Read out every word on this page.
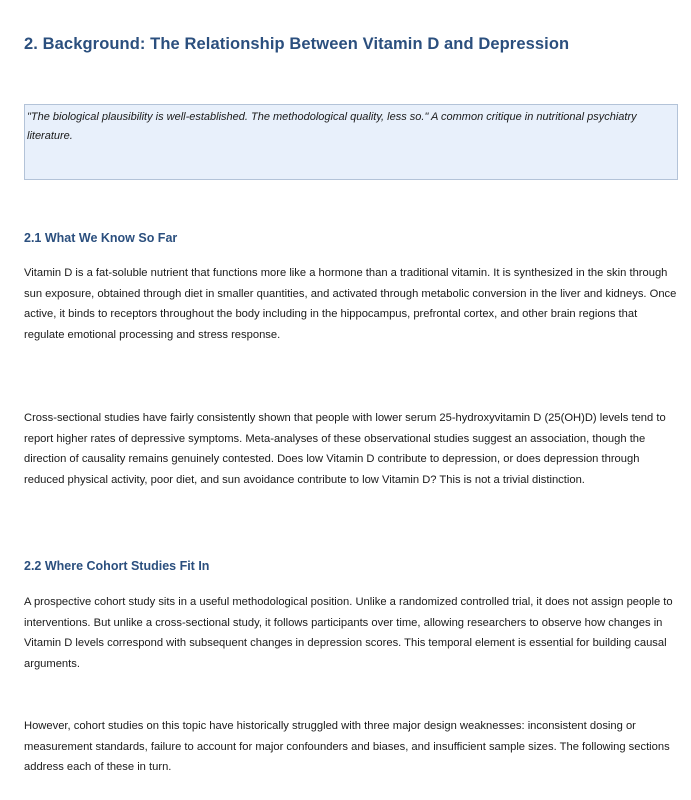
2. Background: The Relationship Between Vitamin D and Depression

"The biological plausibility is well-established. The methodological quality, less so." A common critique in nutritional psychiatry literature.

2.1 What We Know So Far

Vitamin D is a fat-soluble nutrient that functions more like a hormone than a traditional vitamin. It is synthesized in the skin through sun exposure, obtained through diet in smaller quantities, and activated through metabolic conversion in the liver and kidneys. Once active, it binds to receptors throughout the body including in the hippocampus, prefrontal cortex, and other brain regions that regulate emotional processing and stress response.

Cross-sectional studies have fairly consistently shown that people with lower serum 25-hydroxyvitamin D (25(OH)D) levels tend to report higher rates of depressive symptoms. Meta-analyses of these observational studies suggest an association, though the direction of causality remains genuinely contested. Does low Vitamin D contribute to depression, or does depression through reduced physical activity, poor diet, and sun avoidance contribute to low Vitamin D? This is not a trivial distinction.

2.2 Where Cohort Studies Fit In

A prospective cohort study sits in a useful methodological position. Unlike a randomized controlled trial, it does not assign people to interventions. But unlike a cross-sectional study, it follows participants over time, allowing researchers to observe how changes in Vitamin D levels correspond with subsequent changes in depression scores. This temporal element is essential for building causal arguments.

However, cohort studies on this topic have historically struggled with three major design weaknesses: inconsistent dosing or measurement standards, failure to account for major confounders and biases, and insufficient sample sizes. The following sections address each of these in turn.
